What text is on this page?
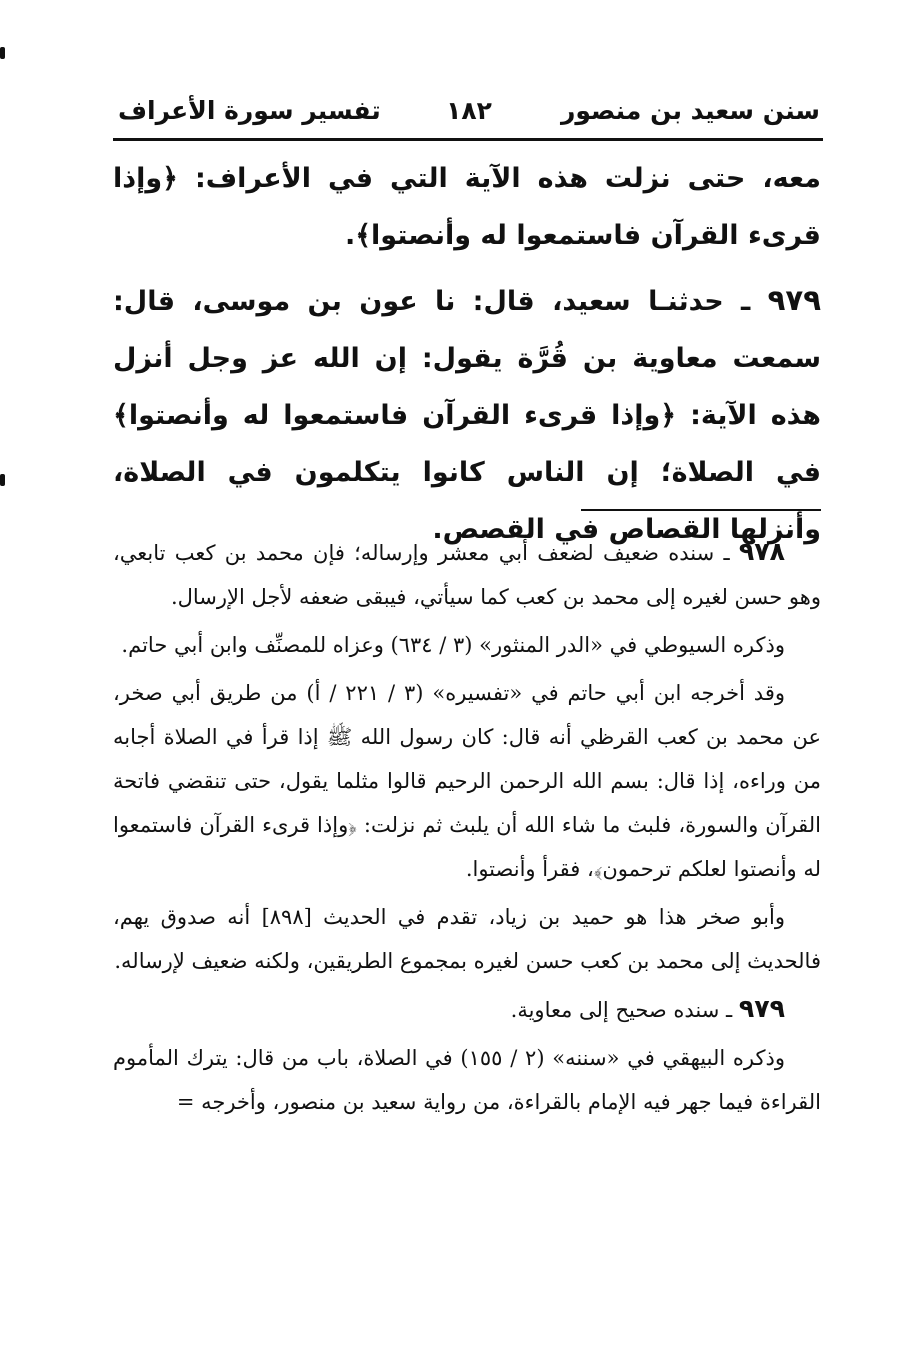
سنن سعيد بن منصور
١٨٢
تفسير سورة الأعراف

معه، حتى نزلت هذه الآية التي في الأعراف: ﴿وإذا قرىء القرآن فاستمعوا له وأنصتوا﴾.

٩٧٩ ـ حدثنـا سعيد، قال: نا عون بن موسى، قال: سمعت معاوية بن قُرَّة يقول: إن الله عز وجل أنزل هذه الآية: ﴿وإذا قرىء القرآن فاستمعوا له وأنصتوا﴾ في الصلاة؛ إن الناس كانوا يتكلمون في الصلاة، وأنزلها القصاص في القصص.

٩٧٨ ـ سنده ضعيف لضعف أبي معشر وإرساله؛ فإن محمد بن كعب تابعي، وهو حسن لغيره إلى محمد بن كعب كما سيأتي، فيبقى ضعفه لأجل الإرسال.

وذكره السيوطي في «الدر المنثور» (٣ / ٦٣٤) وعزاه للمصنِّف وابن أبي حاتم.

وقد أخرجه ابن أبي حاتم في «تفسيره» (٣ / ٢٢١ / أ) من طريق أبي صخر، عن محمد بن كعب القرظي أنه قال: كان رسول الله ﷺ إذا قرأ في الصلاة أجابه من وراءه، إذا قال: بسم الله الرحمن الرحيم قالوا مثلما يقول، حتى تنقضي فاتحة القرآن والسورة، فلبث ما شاء الله أن يلبث ثم نزلت: ﴿وإذا قرىء القرآن فاستمعوا له وأنصتوا لعلكم ترحمون﴾، فقرأ وأنصتوا.

وأبو صخر هذا هو حميد بن زياد، تقدم في الحديث [٨٩٨] أنه صدوق يهم، فالحديث إلى محمد بن كعب حسن لغيره بمجموع الطريقين، ولكنه ضعيف لإرساله.

٩٧٩ ـ سنده صحيح إلى معاوية.

وذكره البيهقي في «سننه» (٢ / ١٥٥) في الصلاة، باب من قال: يترك المأموم القراءة فيما جهر فيه الإمام بالقراءة، من رواية سعيد بن منصور، وأخرجه =
